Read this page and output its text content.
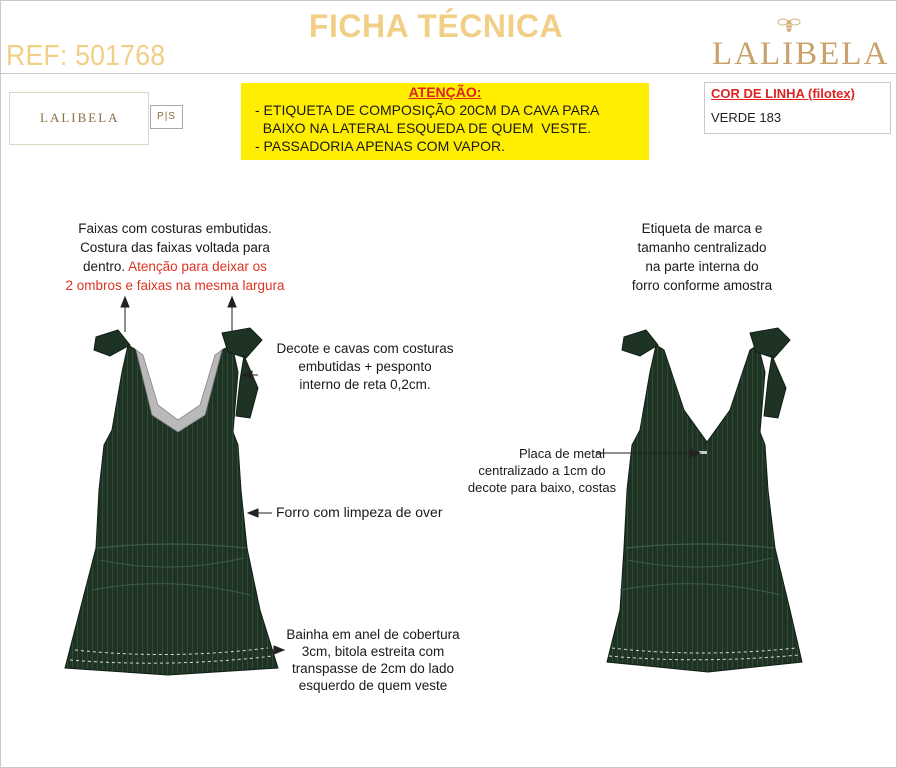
FICHA TÉCNICA
REF: 501768	LALIBELA
LALIBELA	P|S
ATENÇÃO:
- ETIQUETA DE COMPOSIÇÃO 20CM DA CAVA PARA
BAIXO NA LATERAL ESQUEDA DE QUEM  VESTE.
- PASSADORIA APENAS COM VAPOR.
COR DE LINHA (filotex)
VERDE 183
Faixas com costuras embutidas.
Costura das faixas voltada para
dentro. Atenção para deixar os
2 ombros e faixas na mesma largura
Decote e cavas com costuras
embutidas + pesponto
interno de reta 0,2cm.
Forro com limpeza de over
Bainha em anel de cobertura
3cm, bitola estreita com
transpasse de 2cm do lado
esquerdo de quem veste
Etiqueta de marca e
tamanho centralizado
na parte interna do
forro conforme amostra
Placa de metal
centralizado a 1cm do
decote para baixo, costas
